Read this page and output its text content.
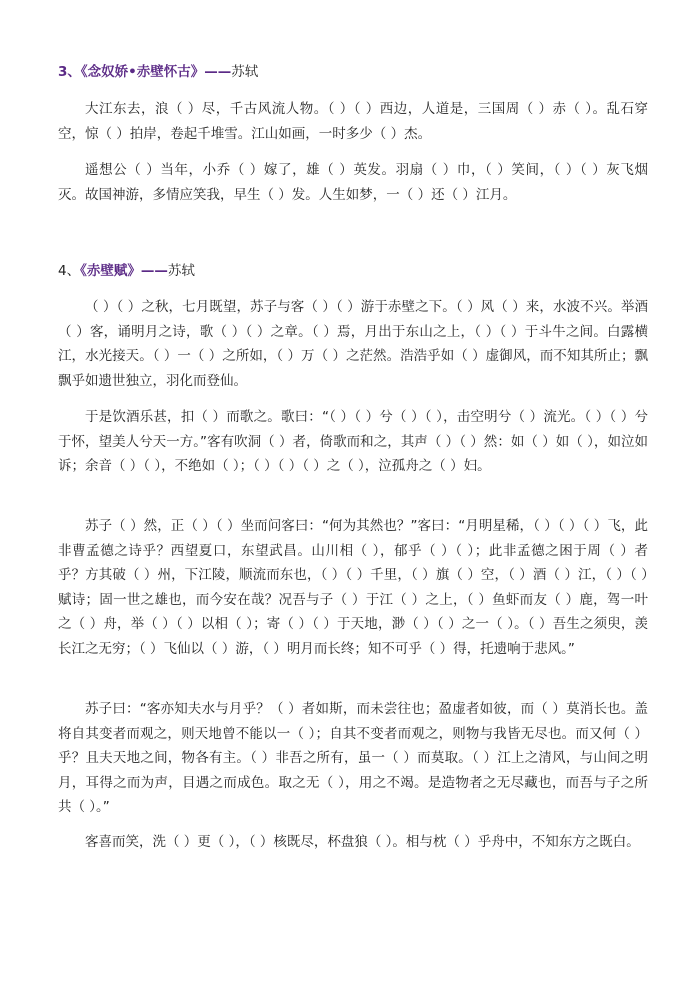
3、《念奴娇•赤壁怀古》——苏轼

大江东去，浪（ ）尽，千古风流人物。（ ）（ ）西边，人道是，三国周（ ）赤（ ）。乱石穿空，惊（ ）拍岸，卷起千堆雪。江山如画，一时多少（ ）杰。

遥想公（ ）当年，小乔（ ）嫁了，雄（ ）英发。羽扇（ ）巾，（ ）笑间，（ ）（ ）灰飞烟灭。故国神游，多情应笑我，早生（ ）发。人生如梦，一（ ）还（ ）江月。

4、《赤壁赋》——苏轼

（ ）（ ）之秋，七月既望，苏子与客（ ）（ ）游于赤壁之下。（ ）风（ ）来，水波不兴。举酒（ ）客，诵明月之诗，歌（ ）（ ）之章。（ ）焉，月出于东山之上，（ ）（ ）于斗牛之间。白露横江，水光接天。（ ）一（ ）之所如，（ ）万（ ）之茫然。浩浩乎如（ ）虚御风，而不知其所止；飘飘乎如遗世独立，羽化而登仙。

于是饮酒乐甚，扣（ ）而歌之。歌曰：“（ ）（ ）兮（ ）（ ），击空明兮（ ）流光。（ ）（ ）兮于怀，望美人兮天一方。”客有吹洞（ ）者，倚歌而和之，其声（ ）（ ）然：如（ ）如（ ），如泣如诉；余音（ ）（ ），不绝如（ ）；（ ）（ ）（ ）之（ ），泣孤舟之（ ）妇。

苏子（ ）然，正（ ）（ ）坐而问客曰：“何为其然也？”客曰：“月明星稀，（ ）（ ）（ ）飞，此非曹孟德之诗乎？西望夏口，东望武昌。山川相（ ），郁乎（ ）（ ）；此非孟德之困于周（ ）者乎？方其破（ ）州，下江陵，顺流而东也，（ ）（ ）千里，（ ）旗（ ）空，（ ）酒（ ）江，（ ）（ ）赋诗；固一世之雄也，而今安在哉？况吾与子（ ）于江（ ）之上，（ ）鱼虾而友（ ）鹿，驾一叶之（ ）舟，举（ ）（ ）以相（ ）；寄（ ）（ ）于天地，渺（ ）（ ）之一（ ）。（ ）吾生之须臾，羡长江之无穷；（ ）飞仙以（ ）游，（ ）明月而长终；知不可乎（ ）得，托遗响于悲风。”

苏子曰：“客亦知夫水与月乎？（ ）者如斯，而未尝往也；盈虚者如彼，而（ ）莫消长也。盖将自其变者而观之，则天地曾不能以一（ ）；自其不变者而观之，则物与我皆无尽也。而又何（ ）乎？且夫天地之间，物各有主。（ ）非吾之所有，虽一（ ）而莫取。（ ）江上之清风，与山间之明月，耳得之而为声，目遇之而成色。取之无（ ），用之不竭。是造物者之无尽藏也，而吾与子之所共（ ）。”

客喜而笑，洗（ ）更（ ），（ ）核既尽，杯盘狼（ ）。相与枕（ ）乎舟中，不知东方之既白。
